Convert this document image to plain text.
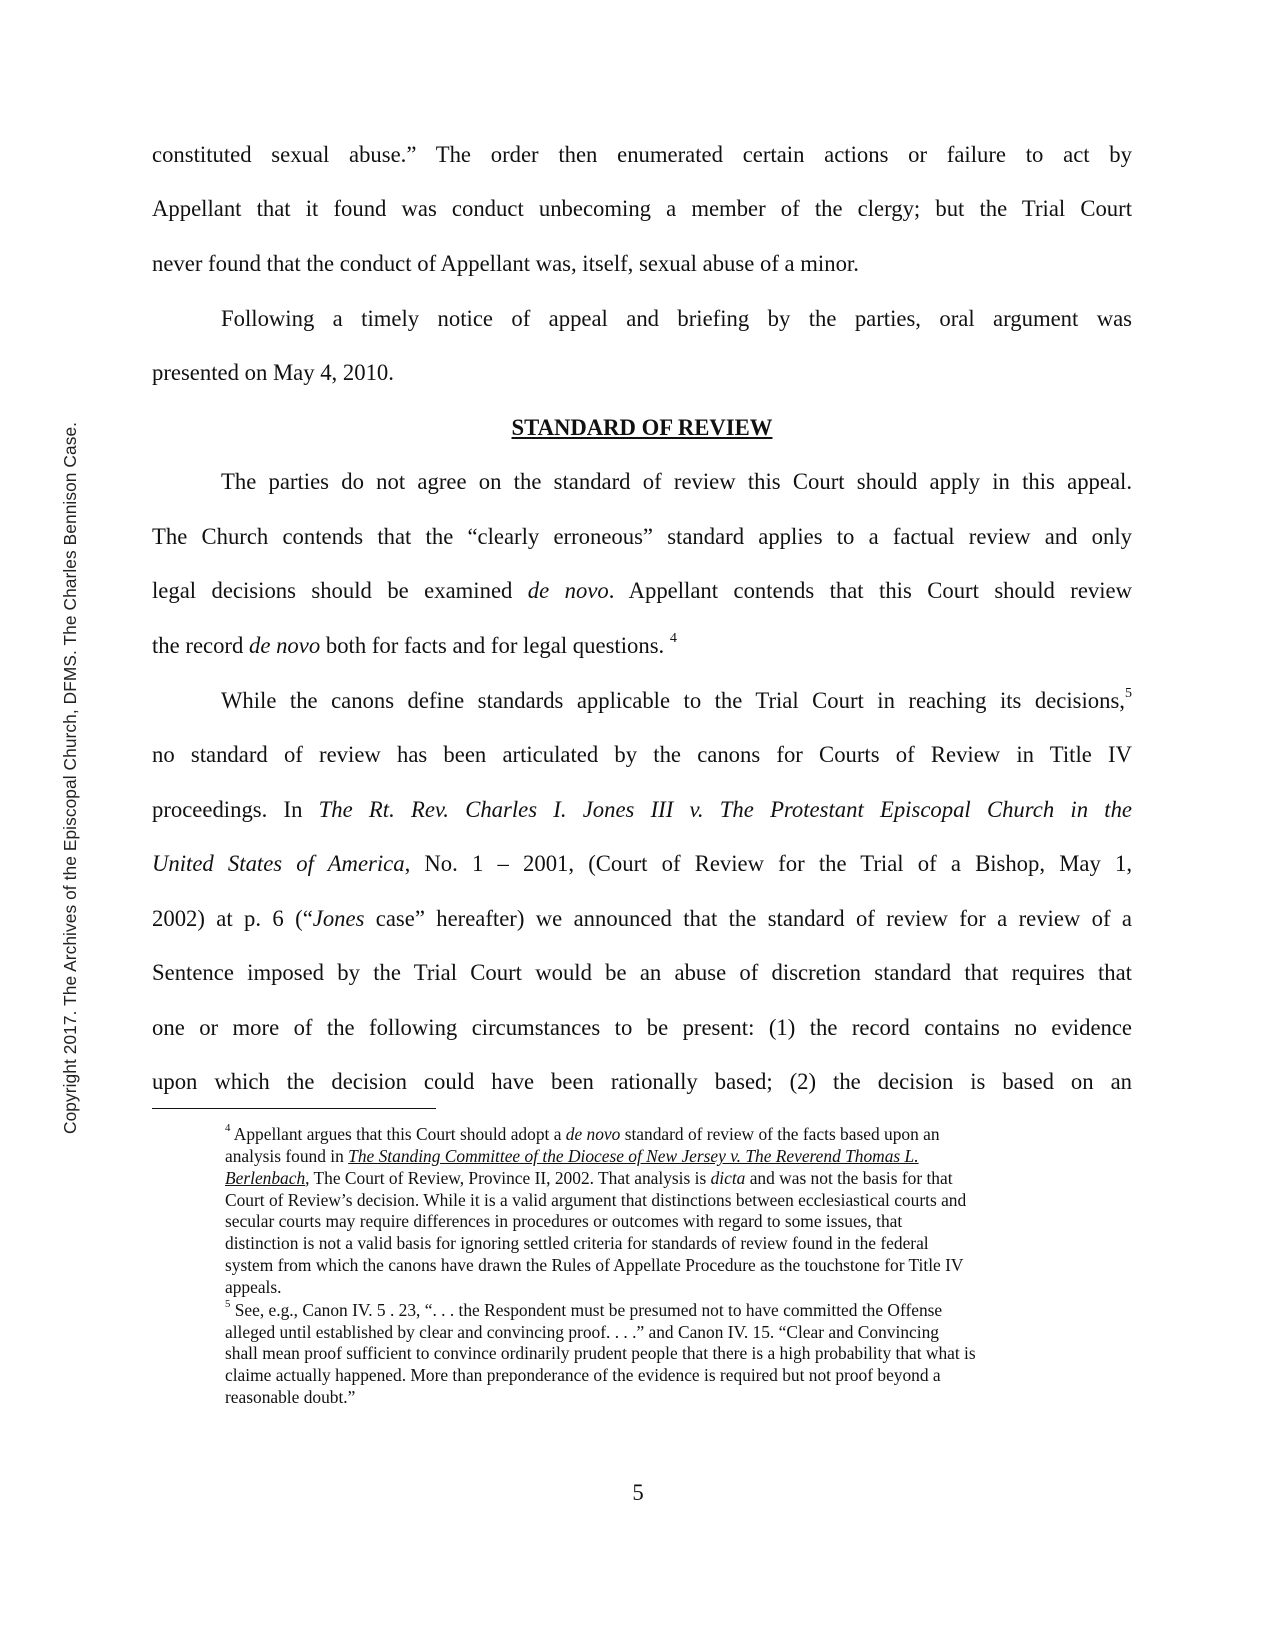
Copyright 2017. The Archives of the Episcopal Church, DFMS. The Charles Bennison Case.
constituted sexual abuse.” The order then enumerated certain actions or failure to act by
Appellant that it found was conduct unbecoming a member of the clergy; but the Trial Court
never found that the conduct of Appellant was, itself, sexual abuse of a minor.
Following a timely notice of appeal and briefing by the parties, oral argument was
presented on May 4, 2010.
STANDARD OF REVIEW
The parties do not agree on the standard of review this Court should apply in this appeal.
The Church contends that the “clearly erroneous” standard applies to a factual review and only
legal decisions should be examined de novo. Appellant contends that this Court should review
the record de novo both for facts and for legal questions. $^4$
While the canons define standards applicable to the Trial Court in reaching its decisions,$^5$
no standard of review has been articulated by the canons for Courts of Review in Title IV
proceedings. In The Rt. Rev. Charles I. Jones III v. The Protestant Episcopal Church in the
United States of America, No. 1 – 2001, (Court of Review for the Trial of a Bishop, May 1,
2002) at p. 6 (“Jones case” hereafter) we announced that the standard of review for a review of a
Sentence imposed by the Trial Court would be an abuse of discretion standard that requires that
one or more of the following circumstances to be present: (1) the record contains no evidence
upon which the decision could have been rationally based; (2) the decision is based on an
$^4$ Appellant argues that this Court should adopt a de novo standard of review of the facts based upon an
analysis found in The Standing Committee of the Diocese of New Jersey v. The Reverend Thomas L.
Berlenbach, The Court of Review, Province II, 2002. That analysis is dicta and was not the basis for that
Court of Review’s decision. While it is a valid argument that distinctions between ecclesiastical courts and
secular courts may require differences in procedures or outcomes with regard to some issues, that
distinction is not a valid basis for ignoring settled criteria for standards of review found in the federal
system from which the canons have drawn the Rules of Appellate Procedure as the touchstone for Title IV
appeals.
$^5$ See, e.g., Canon IV. 5 . 23, “. . . the Respondent must be presumed not to have committed the Offense
alleged until established by clear and convincing proof. . . .” and Canon IV. 15. “Clear and Convincing
shall mean proof sufficient to convince ordinarily prudent people that there is a high probability that what is
claime actually happened. More than preponderance of the evidence is required but not proof beyond a
reasonable doubt.”
5
